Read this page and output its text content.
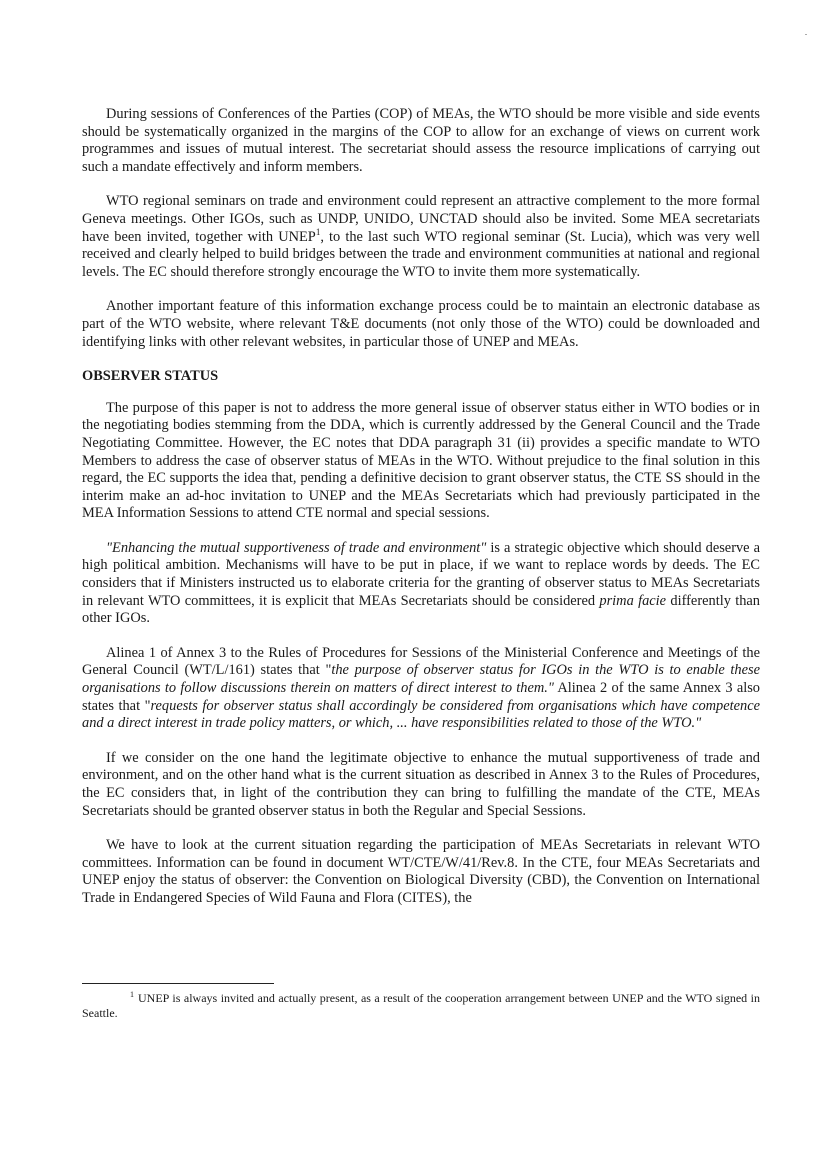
During sessions of Conferences of the Parties (COP) of MEAs, the WTO should be more visible and side events should be systematically organized in the margins of the COP to allow for an exchange of views on current work programmes and issues of mutual interest. The secretariat should assess the resource implications of carrying out such a mandate effectively and inform members.

WTO regional seminars on trade and environment could represent an attractive complement to the more formal Geneva meetings. Other IGOs, such as UNDP, UNIDO, UNCTAD should also be invited. Some MEA secretariats have been invited, together with UNEP$^1$, to the last such WTO regional seminar (St. Lucia), which was very well received and clearly helped to build bridges between the trade and environment communities at national and regional levels. The EC should therefore strongly encourage the WTO to invite them more systematically.

Another important feature of this information exchange process could be to maintain an electronic database as part of the WTO website, where relevant T&E documents (not only those of the WTO) could be downloaded and identifying links with other relevant websites, in particular those of UNEP and MEAs.

OBSERVER STATUS

The purpose of this paper is not to address the more general issue of observer status either in WTO bodies or in the negotiating bodies stemming from the DDA, which is currently addressed by the General Council and the Trade Negotiating Committee. However, the EC notes that DDA paragraph 31 (ii) provides a specific mandate to WTO Members to address the case of observer status of MEAs in the WTO. Without prejudice to the final solution in this regard, the EC supports the idea that, pending a definitive decision to grant observer status, the CTE SS should in the interim make an ad-hoc invitation to UNEP and the MEAs Secretariats which had previously participated in the MEA Information Sessions to attend CTE normal and special sessions.

"Enhancing the mutual supportiveness of trade and environment" is a strategic objective which should deserve a high political ambition. Mechanisms will have to be put in place, if we want to replace words by deeds. The EC considers that if Ministers instructed us to elaborate criteria for the granting of observer status to MEAs Secretariats in relevant WTO committees, it is explicit that MEAs Secretariats should be considered prima facie differently than other IGOs.

Alinea 1 of Annex 3 to the Rules of Procedures for Sessions of the Ministerial Conference and Meetings of the General Council (WT/L/161) states that "the purpose of observer status for IGOs in the WTO is to enable these organisations to follow discussions therein on matters of direct interest to them." Alinea 2 of the same Annex 3 also states that "requests for observer status shall accordingly be considered from organisations which have competence and a direct interest in trade policy matters, or which, ... have responsibilities related to those of the WTO."

If we consider on the one hand the legitimate objective to enhance the mutual supportiveness of trade and environment, and on the other hand what is the current situation as described in Annex 3 to the Rules of Procedures, the EC considers that, in light of the contribution they can bring to fulfilling the mandate of the CTE, MEAs Secretariats should be granted observer status in both the Regular and Special Sessions.

We have to look at the current situation regarding the participation of MEAs Secretariats in relevant WTO committees. Information can be found in document WT/CTE/W/41/Rev.8. In the CTE, four MEAs Secretariats and UNEP enjoy the status of observer: the Convention on Biological Diversity (CBD), the Convention on International Trade in Endangered Species of Wild Fauna and Flora (CITES), the

$^1$ UNEP is always invited and actually present, as a result of the cooperation arrangement between UNEP and the WTO signed in Seattle.
